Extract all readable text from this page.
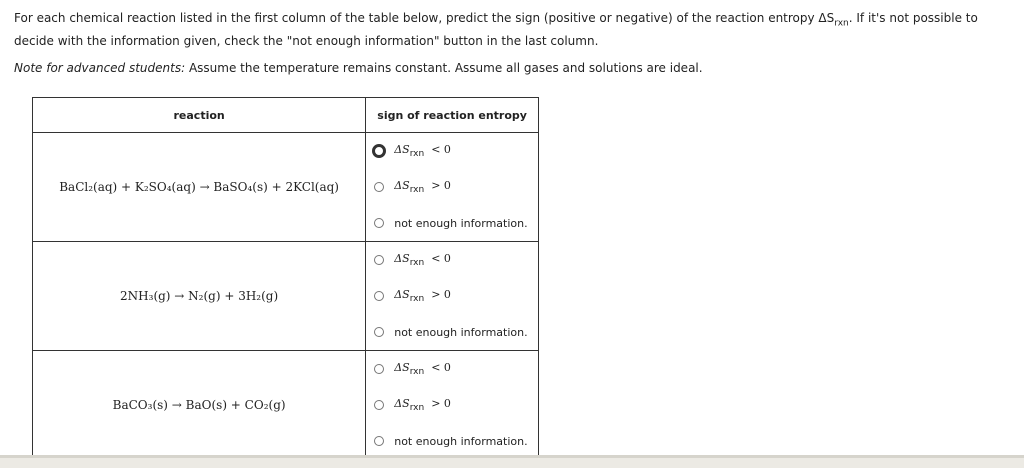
For each chemical reaction listed in the first column of the table below, predict the sign (positive or negative) of the reaction entropy $\Delta S_{rxn}$. If it's not possible to

decide with the information given, check the "not enough information" button in the last column.

Note for advanced students: Assume the temperature remains constant. Assume all gases and solutions are ideal.

reaction	sign of reaction entropy
BaCl₂(aq) + K₂SO₄(aq) → BaSO₄(s) + 2KCl(aq)	$\Delta S_{rxn} < 0$
$\Delta S_{rxn} > 0$
not enough information.

2NH₃(g) → N₂(g) + 3H₂(g)	$\Delta S_{rxn} < 0$
$\Delta S_{rxn} > 0$
not enough information.

BaCO₃(s) → BaO(s) + CO₂(g)	$\Delta S_{rxn} < 0$
$\Delta S_{rxn} > 0$
not enough information.
